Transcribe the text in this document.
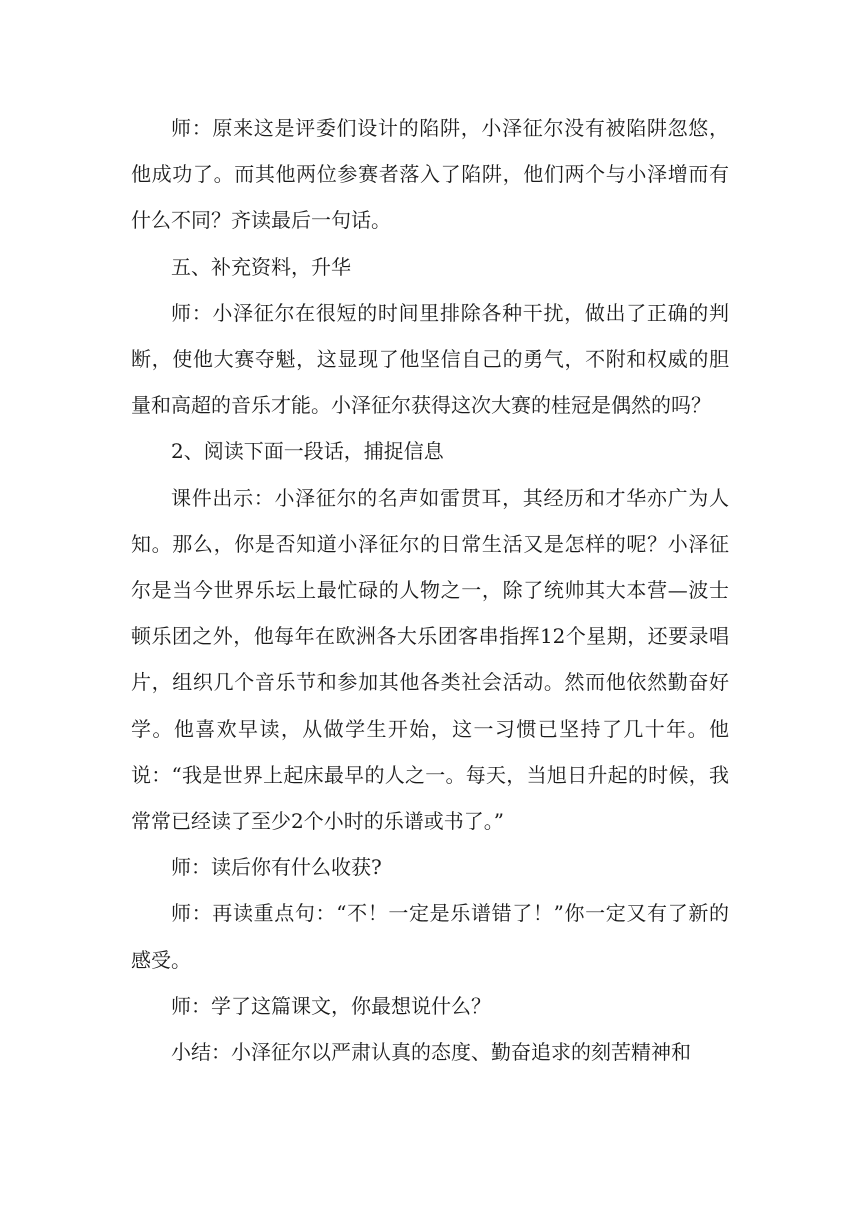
师：原来这是评委们设计的陷阱，小泽征尔没有被陷阱忽悠，他成功了。而其他两位参赛者落入了陷阱，他们两个与小泽增而有什么不同？齐读最后一句话。

五、补充资料，升华

师：小泽征尔在很短的时间里排除各种干扰，做出了正确的判断，使他大赛夺魁，这显现了他坚信自己的勇气，不附和权威的胆量和高超的音乐才能。小泽征尔获得这次大赛的桂冠是偶然的吗？

2、阅读下面一段话，捕捉信息

课件出示：小泽征尔的名声如雷贯耳，其经历和才华亦广为人知。那么，你是否知道小泽征尔的日常生活又是怎样的呢？小泽征尔是当今世界乐坛上最忙碌的人物之一，除了统帅其大本营—波士顿乐团之外，他每年在欧洲各大乐团客串指挥12个星期，还要录唱片，组织几个音乐节和参加其他各类社会活动。然而他依然勤奋好学。他喜欢早读，从做学生开始，这一习惯已坚持了几十年。他说：“我是世界上起床最早的人之一。每天，当旭日升起的时候，我常常已经读了至少2个小时的乐谱或书了。”

师：读后你有什么收获?

师：再读重点句：“不！一定是乐谱错了！”你一定又有了新的感受。

师：学了这篇课文，你最想说什么？

小结：小泽征尔以严肃认真的态度、勤奋追求的刻苦精神和
